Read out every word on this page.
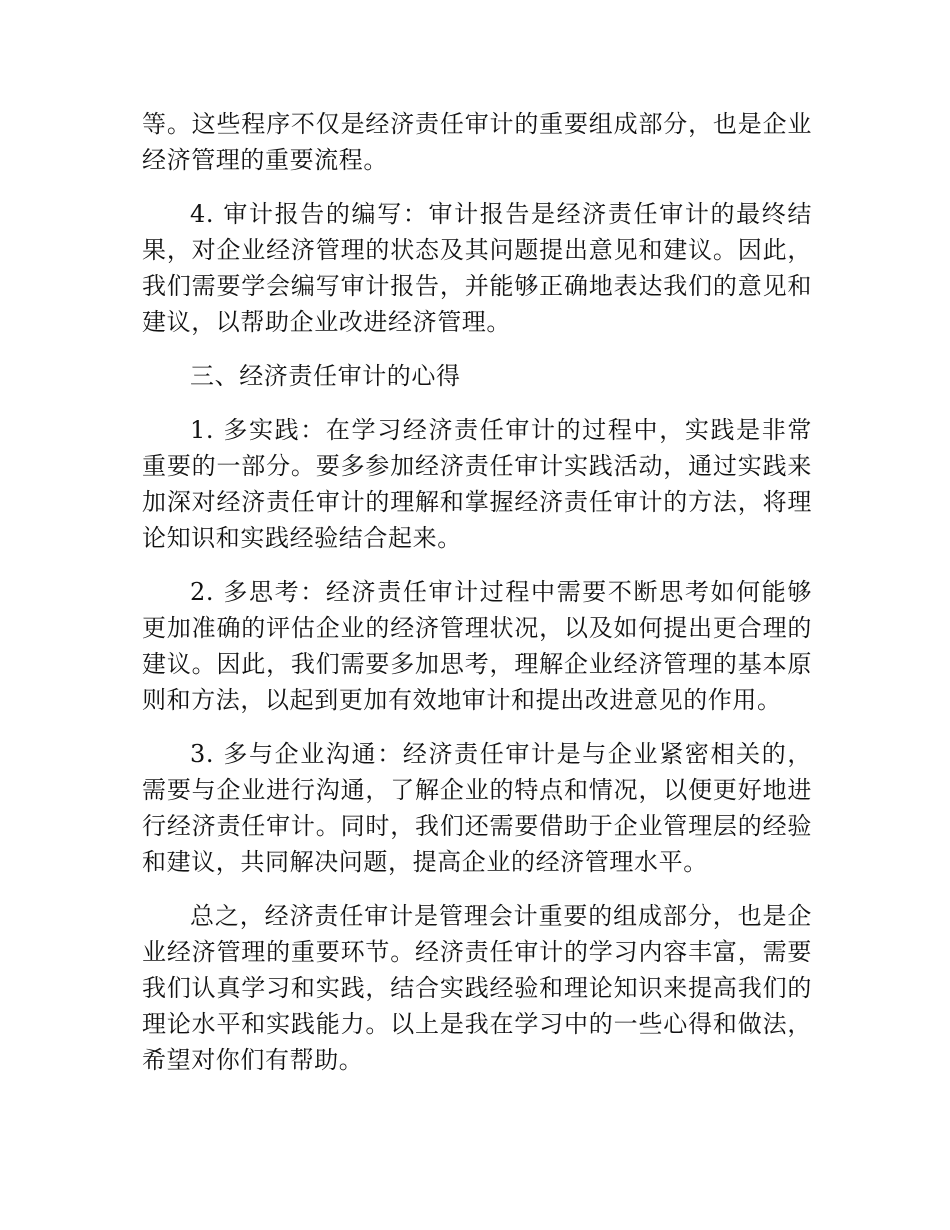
等。这些程序不仅是经济责任审计的重要组成部分，也是企业经济管理的重要流程。

4. 审计报告的编写：审计报告是经济责任审计的最终结果，对企业经济管理的状态及其问题提出意见和建议。因此，我们需要学会编写审计报告，并能够正确地表达我们的意见和建议，以帮助企业改进经济管理。

三、经济责任审计的心得

1. 多实践：在学习经济责任审计的过程中，实践是非常重要的一部分。要多参加经济责任审计实践活动，通过实践来加深对经济责任审计的理解和掌握经济责任审计的方法，将理论知识和实践经验结合起来。

2. 多思考：经济责任审计过程中需要不断思考如何能够更加准确的评估企业的经济管理状况，以及如何提出更合理的建议。因此，我们需要多加思考，理解企业经济管理的基本原则和方法，以起到更加有效地审计和提出改进意见的作用。

3. 多与企业沟通：经济责任审计是与企业紧密相关的，需要与企业进行沟通，了解企业的特点和情况，以便更好地进行经济责任审计。同时，我们还需要借助于企业管理层的经验和建议，共同解决问题，提高企业的经济管理水平。

总之，经济责任审计是管理会计重要的组成部分，也是企业经济管理的重要环节。经济责任审计的学习内容丰富，需要我们认真学习和实践，结合实践经验和理论知识来提高我们的理论水平和实践能力。以上是我在学习中的一些心得和做法，希望对你们有帮助。
